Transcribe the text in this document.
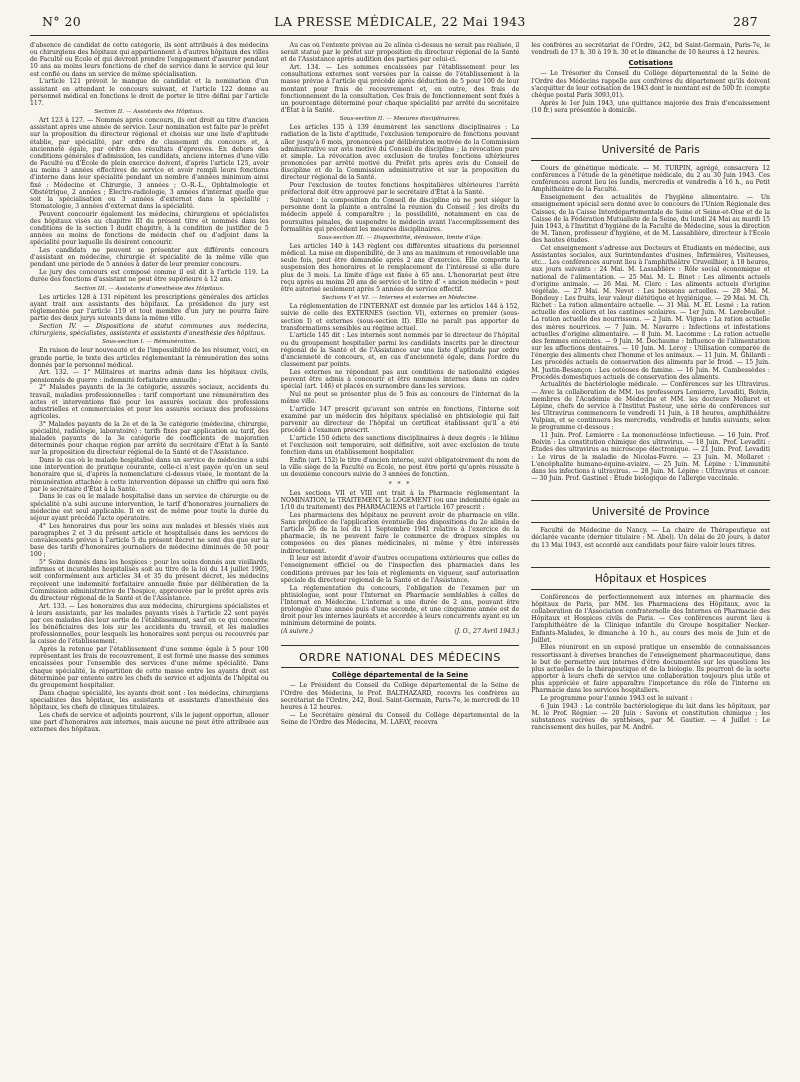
N° 20	LA PRESSE MÉDICALE, 22 Mai 1943	287

d'absence de candidat de cette catégorie, ils sont attribués à des médecins ou chirurgiens des hôpitaux qui appartiennent à d'autres hôpitaux des villes de Faculté ou Ecole et qui devront prendre l'engagement d'assurer pendant 10 ans au moins leurs fonctions de chef de service dans le service qui leur est confié ou dans un service de même spécialisation.

L'article 121 prévoit le manque de candidat et la nomination d'un assistant en attendant le concours suivant, et l'article 122 donne au personnel médical en fonctions le droit de porter le titre défini par l'article 117.

Section II. — Assistants des Hôpitaux.

Art 123 à 127. — Nommés après concours, ils ont droit au titre d'ancien assistant après une année de service. Leur nomination est faite par le préfet sur la proposition du directeur régional et choisis sur une liste d'aptitude établie, par spécialité, par ordre de classement du concours et, à ancienneté égale, par ordre des résultats d'épreuves. En dehors des conditions générales d'admission, les candidats, anciens internes d'une ville de Faculté ou d'École de plein exercice doivent, d'après l'article 125, avoir au moins 3 années effectives de service et avoir rempli leurs fonctions d'interne dans leur spécialité pendant un nombre d'années minimum ainsi fixé : Médecine et Chirurgie, 3 années ; O.-R.-L., Ophtalmologie et Obstétrique, 2 années ; Électro-radiologie, 3 années d'internat quelle que soit la spécialisation ou 3 années d'externat dans la spécialité ; Stomatologie, 3 années d'externat dans la spécialité.

Peuvent concourir également les médecins, chirurgiens et spécialistes des hôpitaux visés au chapitre III du présent titre et nommés dans les conditions de la section I dudit chapitre, à la condition de justifier de 5 années au moins de fonctions de médecin chef ou d'adjoint dans la spécialité pour laquelle ils désirent concourir.

Les candidats ne peuvent se présenter aux différents concours d'assistant en médecine, chirurgie et spécialité de la même ville que pendant une période de 5 années à dater de leur premier concours.

Le jury des concours est composé comme il est dit à l'article 119. La durée des fonctions d'assistant ne peut être supérieure à 12 ans.

Section III. — Assistants d'anesthésie des Hôpitaux.

Les articles 128 à 131 répètent les prescriptions générales des articles ayant trait aux assistants des hôpitaux. La présidence du jury est réglementée par l'article 119 et tout membre d'un jury ne pourra faire partie des deux jurys suivants dans la même ville.

Section IV. — Dispositions de statut communes aux médecins, chirurgiens, spécialistes, assistants et assistants d'anesthésie des hôpitaux.

Sous-section I. — Rémunération.

En raison de leur nouveauté et de l'impossibilité de les résumer, voici, en grande partie, le texte des articles réglementant la rémunération des soins donnés par le personnel médical.

Art. 132. — 1° Militaires et marins admis dans les hôpitaux civils, pensionnés de guerre : indemnité forfaitaire annuelle ;

2° Malades payants de la 3e catégorie, assurés sociaux, accidents du travail, maladies professionnelles : tarif comportant une rémunération des actes et interventions fixé pour les assurés sociaux des professions industrielles et commerciales et pour les assurés sociaux des professions agricoles.

3° Malades payants de la 2e et de la 3e catégorie (médecine, chirurgie, spécialité, radiologie, laboratoire) : tarifs fixés par application au tarif, des malades payants de la 3e catégorie de coefficients de majoration déterminés pour chaque région par arrêté du secrétaire d'État à la Santé sur la proposition du directeur régional de la Santé et de l'Assistance.

Dans le cas où le malade hospitalisé dans un service de médecine a subi une intervention de pratique courante, celle-ci n'est payée qu'en un seul honoraire que si, d'après la nomenclature ci-dessus visée, le montant de la rémunération attachée à cette intervention dépasse un chiffre qui sera fixé par le secrétaire d'État à la Santé.

Dans le cas où le malade hospitalisé dans un service de chirurgie ou de spécialité n'a subi aucune intervention, le tarif d'honoraires journaliers de médecine est seul applicable. Il en est de même pour toute la durée du séjour ayant précédé l'acte opératoire.

4° Les honoraires dus pour les soins aux malades et blessés visés aux paragraphes 2 et 3 du présent article et hospitalisés dans les services de convalescents prévus à l'article 5 du présent décret ne sont dus que sur la base des tarifs d'honoraires journaliers de médecine diminués de 50 pour 100 ;

5° Soins donnés dans les hospices : pour les soins donnés aux vieillards, infirmes et incurables hospitalisés soit au titre de la loi du 14 juillet 1905, soit conformément aux articles 34 et 35 du présent décret, les médecins reçoivent une indemnité forfaitaire annuelle fixée par délibération de la Commission administrative de l'hospice, approuvée par le préfet après avis du directeur régional de la Santé et de l'Assistance.

Art. 133. — Les honoraires dus aux médecins, chirurgiens spécialistes et à leurs assistants, par les malades payants visés à l'article 22 sont payés par ces malades dès leur sortie de l'établissement, sauf en ce qui concerne les bénéficiaires des lois sur les accidents du travail, et les maladies professionnelles, pour lesquels les honoraires sont perçus ou recouvrés par la caisse de l'établissement.

Après la retenue par l'établissement d'une somme égale à 5 pour 100 représentant les frais de recouvrement, il est formé une masse des sommes encaissées pour l'ensemble des services d'une même spécialité. Dans chaque spécialité, la répartition de cette masse entre les ayants droit est déterminée par entente entre les chefs de service et adjoints de l'hôpital ou du groupement hospitalier.

Dans chaque spécialité, les ayants droit sont : les médecins, chirurgiens spécialistes des hôpitaux, les assistants et assistants d'anesthésie des hôpitaux, les chefs de cliniques titulaires.

Les chefs de service et adjoints pourront, s'ils le jugent opportun, allouer une part d'honoraires aux internes, mais aucune ne peut être attribuée aux externes des hôpitaux.

Au cas où l'entente prévue au 2e alinéa ci-dessus ne serait pas réalisée, il serait statué par le préfet sur proposition du directeur régional de la Santé et de l'Assistance après audition des parties par celui-ci.

Art. 134. — Les sommes encaissées par l'établissement pour les consultations externes sont versées par la caisse de l'établissement à la masse prévue à l'article qui précède après déduction de 5 pour 100 de leur montant pour frais de recouvrement et, en outre, des frais de fonctionnement de la consultation. Ces frais de fonctionnement sont fixés à un pourcentage déterminé pour chaque spécialité par arrêté du secrétaire d'État à la Santé.

Sous-section II. — Mesures disciplinaires.

Les articles 135 à 139 énumèrent les sanctions disciplinaires : La radiation de la liste d'aptitude, l'exclusion temporaire de fonctions pouvant aller jusqu'à 6 mois, prononcées par délibération motivée de la Commission administrative sur avis motivé du Conseil de discipline ; la révocation pure et simple. La révocation avec exclusion de toutes fonctions ultérieures prononcées par arrêté motivé du Préfet pris après avis du Conseil de discipline et de la Commission administrative et sur la proposition du directeur régional de la Santé.

Pour l'exclusion de toutes fonctions hospitalières ultérieures l'arrêté préfectoral doit être approuvé par le secrétaire d'État à la Santé.

Suivent : la composition du Conseil de discipline où ne peut siéger la personne dont la plainte a entraîné la réunion du Conseil ; les droits du médecin appelé à comparaître ; la possibilité, notamment en cas de poursuites pénales, de suspendre le médecin avant l'accomplissement des formalités qui précèdent les mesures disciplinaires.

Sous-section III. — Disponibilité, démission, limite d'âge.

Les articles 140 à 143 règlent ces différentes situations du personnel médical. La mise en disponibilité, de 3 ans au maximum et renouvelable une seule fois, peut être demandée après 2 ans d'exercice. Elle comporte la suspension des honoraires et le remplacement de l'intéressé si elle dure plus de 3 mois. La limite d'âge est fixée à 65 ans. L'honorariat peut être reçu après au moins 20 ans de service et le titre d' « ancien médecin » peut être autorisé seulement après 5 années de service effectif.

Sections V et VI. — Internes et externes en Médecine.

La réglementation de l'INTERNAT est donnée par les articles 144 à 152, suivie de celle des EXTERNES (section VI), externes en premier (sous-section I) et externes (sous-section II). Elle ne paraît pas apporter de transformations sensibles au régime actuel.

L'article 145 dit : Les internes sont nommés par le directeur de l'hôpital ou du groupement hospitalier parmi les candidats inscrits par le directeur régional de la Santé et de l'Assistance sur une liste d'aptitude par ordre d'ancienneté de concours, et, en cas d'ancienneté égale, dans l'ordre du classement par points.

Les externes ne répondant pas aux conditions de nationalité exigées peuvent être admis à concourir et être nommés internes dans un cadre spécial (art. 146) et placés en surnombre dans les services.

Nul ne peut se présenter plus de 5 fois au concours de l'internat de la même ville.

L'article 147 prescrit qu'avant son entrée en fonctions, l'interne soit examiné par un médecin des hôpitaux spécialisé en phtisiologie qui fait parvenir au directeur de l'hôpital un certificat établissant qu'il a été procédé à l'examen prescrit.

L'article 150 édicte des sanctions disciplinaires à deux degrés : le blâme et l'exclusion soit temporaire, soit définitive, soit avec exclusion de toute fonction dans un établissement hospitalier.

Enfin (art. 152) le titre d'ancien interne, suivi obligatoirement du nom de la ville siège de la Faculté ou École, ne peut être porté qu'après réussite à un deuxième concours suivie de 3 années de fonction.

* * *

Les sections VII et VIII ont trait à la Pharmacie réglementant la NOMINATION, le TRAITEMENT, le LOGEMENT (ou une indemnité égale au 1/10 du traitement) des PHARMACIENS et l'article 167 prescrit :

Les pharmaciens des hôpitaux ne peuvent avoir de pharmacie en ville. Sans préjudice de l'application éventuelle des dispositions du 2e alinéa de l'article 26 de la loi du 11 Septembre 1941 relative à l'exercice de la pharmacie, ils ne peuvent faire le commerce de drogues simples ou composées ou des planes médicinales, ni même y être intéressés indirectement.

Il leur est interdit d'avoir d'autres occupations extérieures que celles de l'enseignement officiel ou de l'inspection des pharmacies dans les conditions prévues par les lois et règlements en vigueur, sauf autorisation spéciale du directeur régional de la Santé et de l'Assistance.

La réglementation du concours, l'obligation de l'examen par un phtisiologue, sont pour l'Internat en Pharmacie semblables à celles de l'Internat en Médecine. L'internat a une durée de 2 ans, pouvant être prolongée d'une année puis d'une seconde, et une cinquième année est de droit pour les internes lauréats et accordée à leurs concurrents ayant eu un minimum déterminé de points.

(A suivre.)	(J. O., 27 Avril 1943.)

ORDRE NATIONAL DES MÉDECINS
Collège départemental de la Seine

— Le Président du Conseil du Collège départemental de la Seine de l'Ordre des Médecins, le Prof. BALTHAZARD, recevra les confrères au secrétariat de l'Ordre, 242, Boul. Saint-Germain, Paris-7e, le mercredi de 10 heures à 12 heures.

— Le Secrétaire général du Conseil du Collège départemental de la Seine de l'Ordre des Médecins, M. LAFAY, recevra

les confrères au secrétariat de l'Ordre, 242, bd Saint-Germain, Paris-7e, le vendredi de 17 h. 30 à 19 h. 30 et le dimanche de 10 heures à 12 heures.

Cotisations

— Le Trésorier du Conseil du Collège départemental de la Seine de l'Ordre des Médecins rappelle aux confrères du département qu'ils doivent s'acquitter de leur cotisation de 1943 dont le montant est de 500 fr. (compte chèque postal Paris 3093,01).

Après le 1er Juin 1943, une quittance majorée des frais d'encaissement (10 fr.) sera présentée à domicile.

Université de Paris

Cours de génétique médicale. — M. TURPIN, agrégé, consacrera 12 conférences à l'étude de la génétique médicale, du 2 au 30 Juin 1943. Ces conférences auront lieu les lundis, mercredis et vendredis à 16 h., au Petit Amphithéâtre de la Faculté.

Enseignement des actualités de l'hygiène alimentaire. — Un enseignement spécial sera donné avec le concours de l'Union Régionale des Caisses, de la Caisse Interdépartementale de Seine et Seine-et-Oise et de la Caisse de la Fédération Mutualiste de la Seine, du lundi 24 Mai au mardi 15 Juin 1943, à l'Institut d'hygiène de la Faculté de Médecine, sous la direction de M. Tanon, professeur d'hygiène, et de M. Lassablière, directeur à l'École des hautes études.

Cet enseignement s'adresse aux Docteurs et Étudiants en médecine, aux Assistantes sociales, aux Surintendantes d'usines, Infirmières, Visiteuses, etc... Les conférences auront lieu à l'amphithéâtre Cruveilhier, à 18 heures, aux jours suivants : 24 Mai. M. Lassablière : Rôle social économique et national de l'alimentation. — 25 Mai. M. L. Binet : Les aliments actuels d'origine animale. — 26 Mai. M. Clerc : Les aliments actuels d'origine végétale. — 27 Mai. M. Nevot : Les boissons actuelles. — 28 Mai. M. Bondouy : Les fruits, leur valeur diététique et hygiénique. — 29 Mai. M. Ch. Richet : La ration alimentaire actuelle. — 31 Mai. M. El. Lesné : La ration actuelle des écoliers et les cantines scolaires. — 1er Juin. M. Lereboullet : La ration actuelle des nourrissons. — 2 Juin. M. Vignes : La ration actuelle des mères nourrices. — 7 Juin. M. Navarre : Infections et infestations actuelles d'origine alimentaire. — 8 Juin. M. Lacomme : La ration actuelle des femmes enceintes. — 9 Juin. M. Dechaume : Influence de l'alimentation sur les affections dentaires. — 10 Juin. M. Leroy : Utilisation comparée de l'énergie des aliments chez l'homme et les animaux. — 11 Juin. M. Ghilardi : Les procédés actuels de conservation des aliments par le froid. — 15 Juin. M. Justin-Besançon : Les ostéoses de famine. — 16 Juin. M. Cambessèdes : Procédés domestiques actuels de conservation des aliments.

Actualités de bactériologie médicale. — Conférences sur les Ultravirus. — Avec la collaboration de MM. les professeurs Lemierre, Levaditi, Boivin, membres de l'Académie de Médecine et MM. les docteurs Mollaret et Lépine, chefs de service à l'Institut Pasteur, une série de conférences sur les Ultravirus commencera le vendredi 11 Juin, à 18 heures, amphithéâtre Vulpian, et se continuera les mercredis, vendredis et lundis suivants, selon le programme ci-dessous :

11 Juin. Prof. Lemierre : La mononucléose infectieuse. — 16 Juin. Prof. Boivin : La constitution chimique des ultravirus. — 18 Juin. Prof. Levaditi : Études des ultravirus au microscope électronique. — 21 Juin. Prof. Levaditi : Le virus de la maladie de Nicolas-Favre. — 23 Juin. M. Mollaret : L'encéphalite humano-équine-aviaire. — 25 Juin. M. Lépine : L'immunité dans les infections à ultravirus. — 28 Juin. M. Lépine : Ultravirus et cancer. — 30 Juin. Prof. Gastinel : Étude biologique de l'allergie vaccinale.

Université de Province

Faculté de Médecine de Nancy. — La chaire de Thérapeutique est déclarée vacante (dernier titulaire : M. Abel). Un délai de 20 jours, à dater du 13 Mai 1943, est accordé aux candidats pour faire valoir leurs titres.

Hôpitaux et Hospices

Conférences de perfectionnement aux internes en pharmacie des hôpitaux de Paris, par MM. les Pharmaciens des Hôpitaux, avec la collaboration de l'Association confraternelle des Internes en Pharmacie des Hôpitaux et Hospices civils de Paris. — Ces conférences auront lieu à l'amphithéâtre de la Clinique infantile du Groupe hospitalier Necker-Enfants-Malades, le dimanche à 10 h., au cours des mois de Juin et de Juillet.

Elles réuniront en un exposé pratique un ensemble de connaissances ressortissant à diverses branches de l'enseignement pharmaceutique, dans le but de permettre aux internes d'être documentés sur les questions les plus actuelles de la thérapeutique et de la biologie. Ils pourront de la sorte apporter à leurs chefs de service une collaboration toujours plus utile et plus appréciée et faire apparaître l'importance du rôle de l'interne en Pharmacie dans les services hospitaliers.

Le programme pour l'année 1943 est le suivant :

6 Juin 1943 : Le contrôle bactériologique du lait dans les hôpitaux, par M. le Prof. Régnier. — 20 Juin : Savons et constitution chimique ; les substances sucrées de synthèses, par M. Gautier. — 4 Juillet : Le rancissement des huiles, par M. André.
